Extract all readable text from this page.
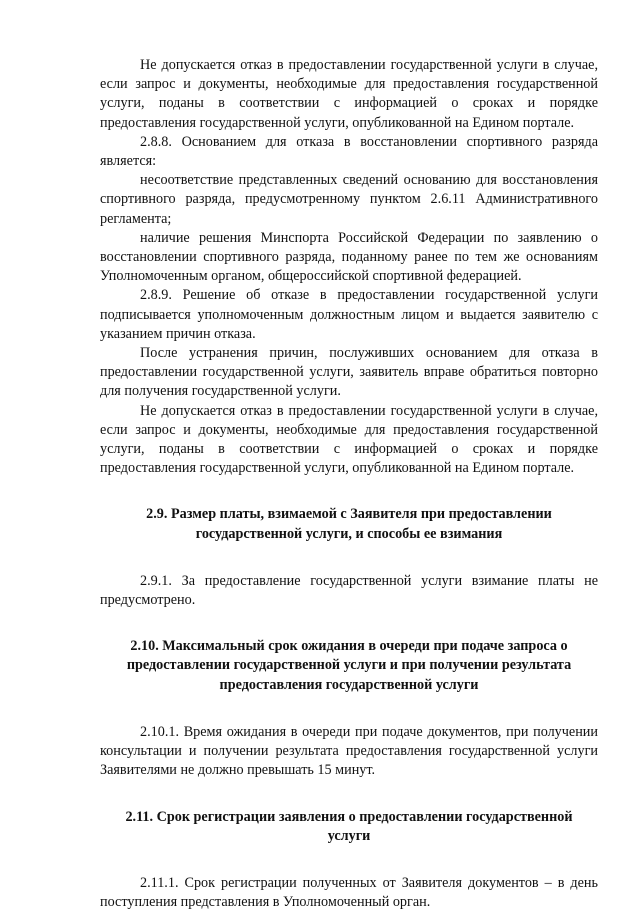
Не допускается отказ в предоставлении государственной услуги в случае, если запрос и документы, необходимые для предоставления государственной услуги, поданы в соответствии с информацией о сроках и порядке предоставления государственной услуги, опубликованной на Едином портале.

2.8.8. Основанием для отказа в восстановлении спортивного разряда является:

несоответствие представленных сведений основанию для восстановления спортивного разряда, предусмотренному пунктом 2.6.11 Административного регламента;

наличие решения Минспорта Российской Федерации по заявлению о восстановлении спортивного разряда, поданному ранее по тем же основаниям Уполномоченным органом, общероссийской спортивной федерацией.

2.8.9. Решение об отказе в предоставлении государственной услуги подписывается уполномоченным должностным лицом и выдается заявителю с указанием причин отказа.

После устранения причин, послуживших основанием для отказа в предоставлении государственной услуги, заявитель вправе обратиться повторно для получения государственной услуги.

Не допускается отказ в предоставлении государственной услуги в случае, если запрос и документы, необходимые для предоставления государственной услуги, поданы в соответствии с информацией о сроках и порядке предоставления государственной услуги, опубликованной на Едином портале.

2.9. Размер платы, взимаемой с Заявителя при предоставлении государственной услуги, и способы ее взимания

2.9.1. За предоставление государственной услуги взимание платы не предусмотрено.

2.10. Максимальный срок ожидания в очереди при подаче запроса о предоставлении государственной услуги и при получении результата предоставления государственной услуги

2.10.1. Время ожидания в очереди при подаче документов, при получении консультации и получении результата предоставления государственной услуги Заявителями не должно превышать 15 минут.

2.11. Срок регистрации заявления о предоставлении государственной услуги

2.11.1. Срок регистрации полученных от Заявителя документов – в день поступления представления в Уполномоченный орган.
